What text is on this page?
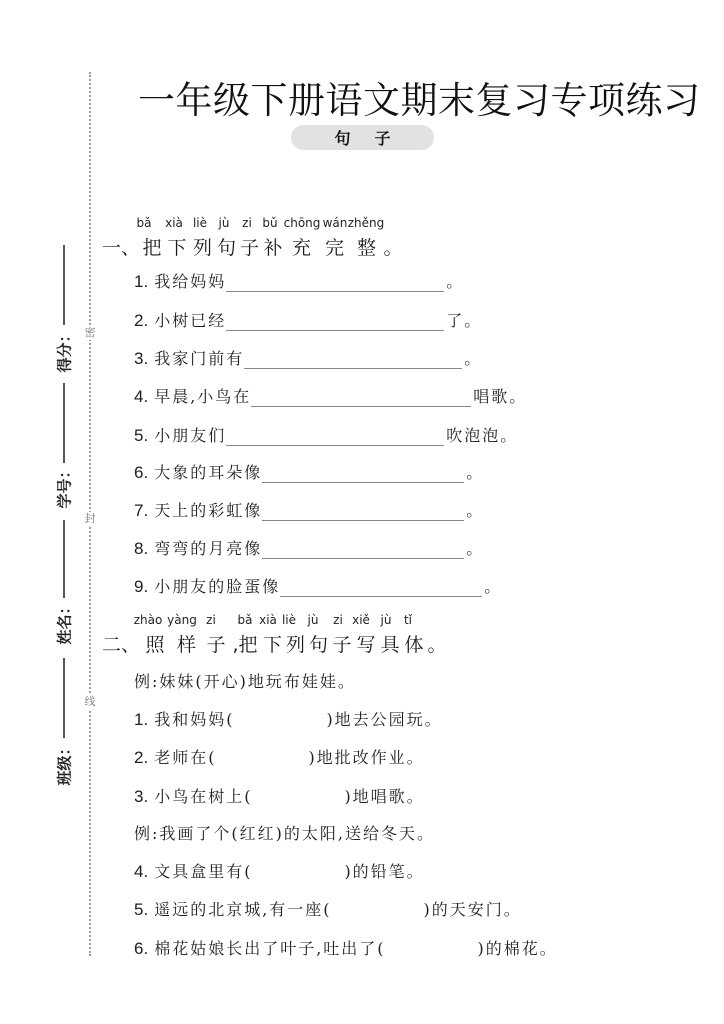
密
封
线
得分：
学号：
姓名：
班级：
一年级下册语文期末复习专项练习
句子
bǎ xià liè jù zi bǔ chōng wán zhěng
一、 把 下 列 句 子 补 充 完 整 。
1. 我给妈妈	。
2. 小树已经	了。
3. 我家门前有	。
4. 早晨,小鸟在	唱歌。
5. 小朋友们	吹泡泡。
6. 大象的耳朵像	。
7. 天上的彩虹像	。
8. 弯弯的月亮像	。
9. 小朋友的脸蛋像	。
zhào yàng zi bǎ xià liè jù zi xiě jù tǐ
二、 照 样 子 ,把 下 列 句 子 写 具 体 。
例:妹妹(开心)地玩布娃娃。
1. 我和妈妈(	)地去公园玩。
2. 老师在(	)地批改作业。
3. 小鸟在树上(	)地唱歌。
例:我画了个(红红)的太阳,送给冬天。
4. 文具盒里有(	)的铅笔。
5. 遥远的北京城,有一座(	)的天安门。
6. 棉花姑娘长出了叶子,吐出了(	)的棉花。
